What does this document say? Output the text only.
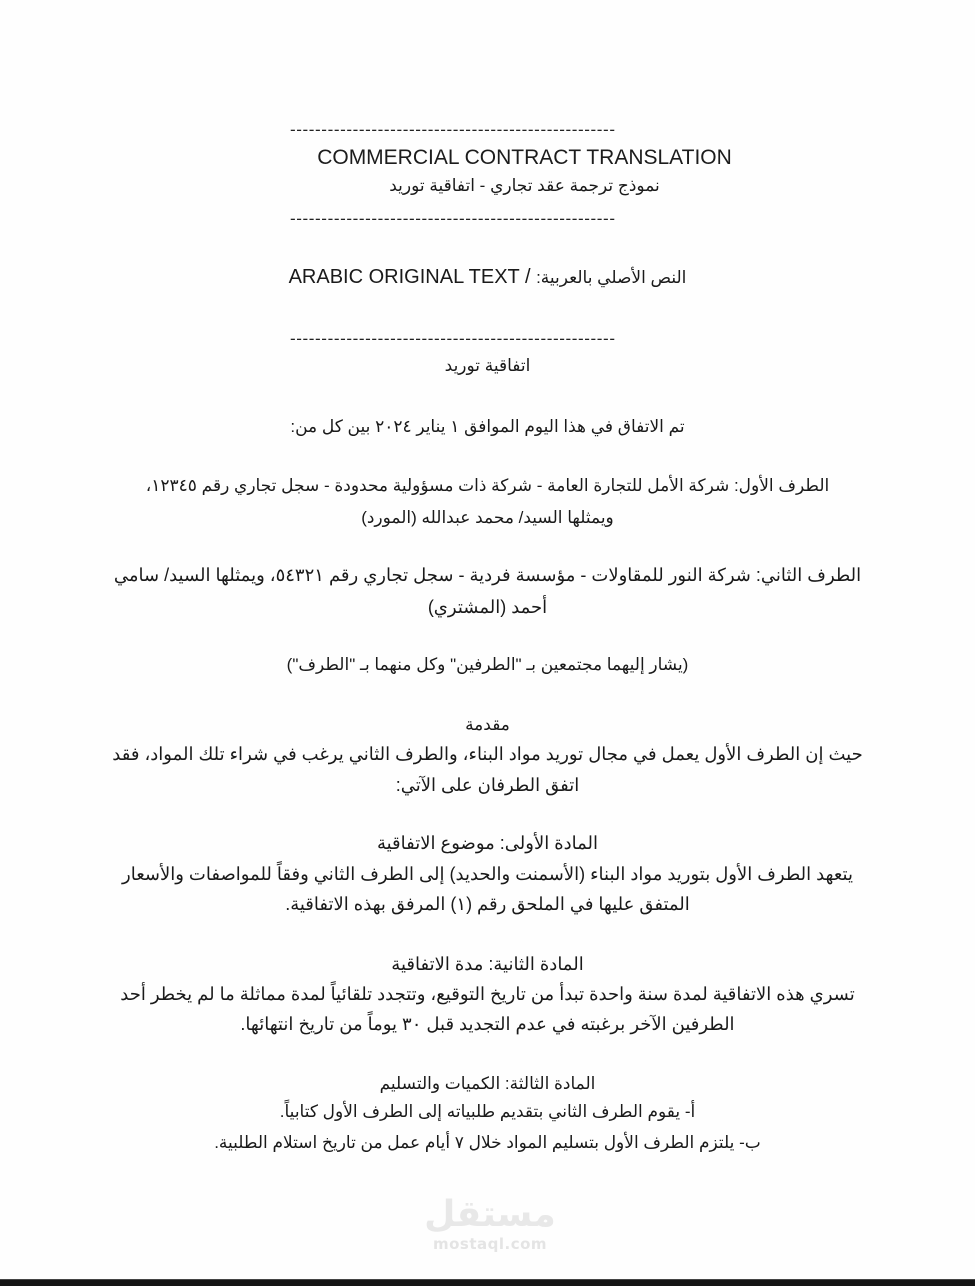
----------------------------------------------------
COMMERCIAL CONTRACT TRANSLATION
نموذج ترجمة عقد تجاري - اتفاقية توريد
----------------------------------------------------
ARABIC ORIGINAL TEXT / النص الأصلي بالعربية:
----------------------------------------------------
اتفاقية توريد
تم الاتفاق في هذا اليوم الموافق ١ يناير ٢٠٢٤ بين كل من:
الطرف الأول: شركة الأمل للتجارة العامة - شركة ذات مسؤولية محدودة - سجل تجاري رقم ١٢٣٤٥،
ويمثلها السيد/ محمد عبدالله (المورد)
الطرف الثاني: شركة النور للمقاولات - مؤسسة فردية - سجل تجاري رقم ٥٤٣٢١، ويمثلها السيد/ سامي
أحمد (المشتري)
(يشار إليهما مجتمعين بـ "الطرفين" وكل منهما بـ "الطرف")
مقدمة
حيث إن الطرف الأول يعمل في مجال توريد مواد البناء، والطرف الثاني يرغب في شراء تلك المواد، فقد
اتفق الطرفان على الآتي:
المادة الأولى: موضوع الاتفاقية
يتعهد الطرف الأول بتوريد مواد البناء (الأسمنت والحديد) إلى الطرف الثاني وفقاً للمواصفات والأسعار
المتفق عليها في الملحق رقم (١) المرفق بهذه الاتفاقية.
المادة الثانية: مدة الاتفاقية
تسري هذه الاتفاقية لمدة سنة واحدة تبدأ من تاريخ التوقيع، وتتجدد تلقائياً لمدة مماثلة ما لم يخطر أحد
الطرفين الآخر برغبته في عدم التجديد قبل ٣٠ يوماً من تاريخ انتهائها.
المادة الثالثة: الكميات والتسليم
أ- يقوم الطرف الثاني بتقديم طلبياته إلى الطرف الأول كتابياً.
ب- يلتزم الطرف الأول بتسليم المواد خلال ٧ أيام عمل من تاريخ استلام الطلبية.
مستقل
mostaql.com
